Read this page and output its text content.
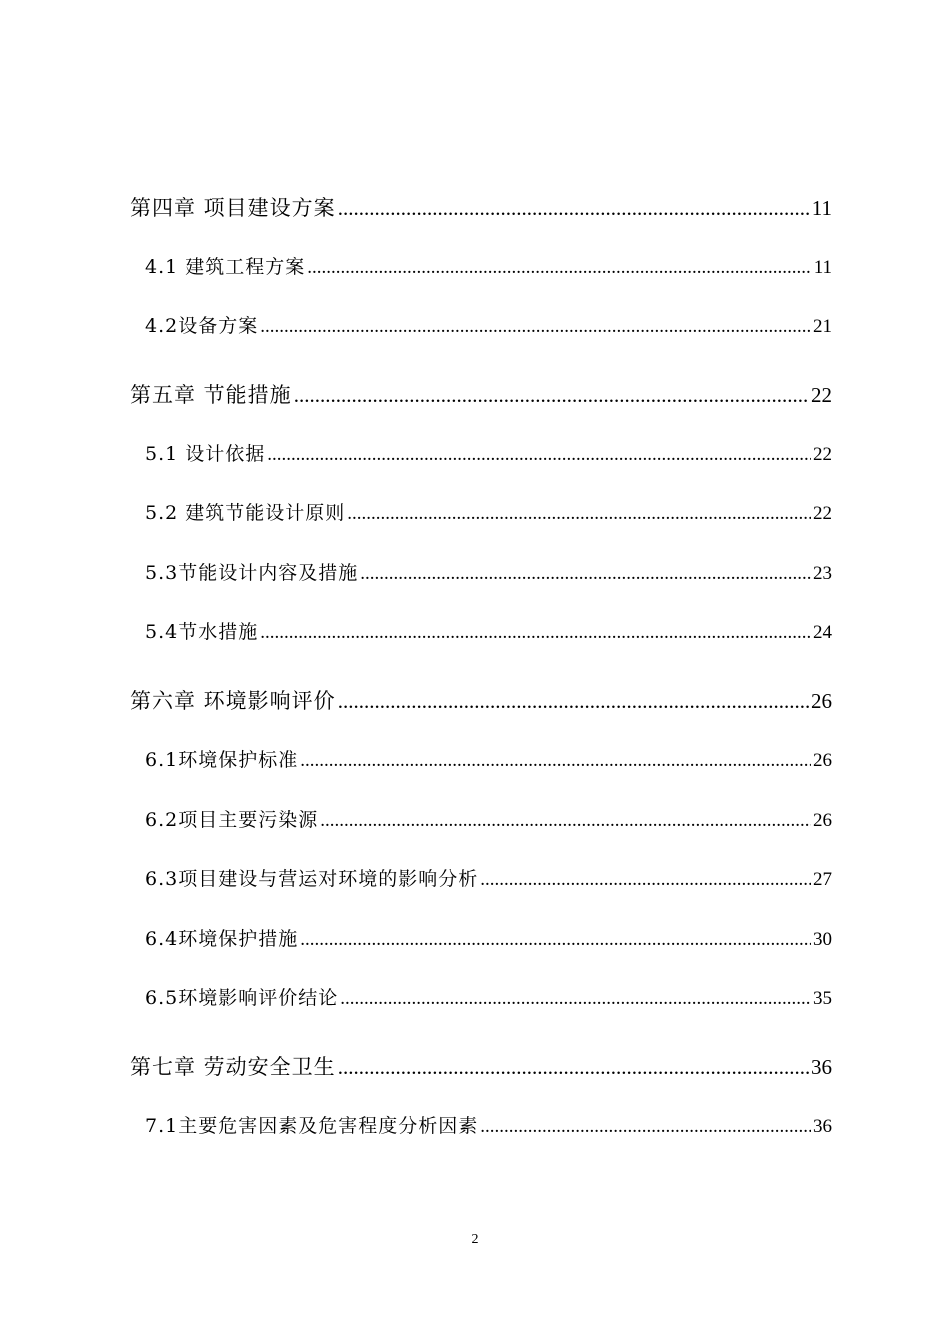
第四章 项目建设方案 .....	11
4.1 建筑工程方案 .....	11
4.2设备方案 .....	21
第五章 节能措施 .....	22
5.1 设计依据 .....	22
5.2 建筑节能设计原则 .....	22
5.3节能设计内容及措施 .....	23
5.4节水措施 .....	24
第六章 环境影响评价 .....	26
6.1环境保护标准 .....	26
6.2项目主要污染源 .....	26
6.3项目建设与营运对环境的影响分析 .....	27
6.4环境保护措施 .....	30
6.5环境影响评价结论 .....	35
第七章 劳动安全卫生 .....	36
7.1主要危害因素及危害程度分析因素 .....	36
2
